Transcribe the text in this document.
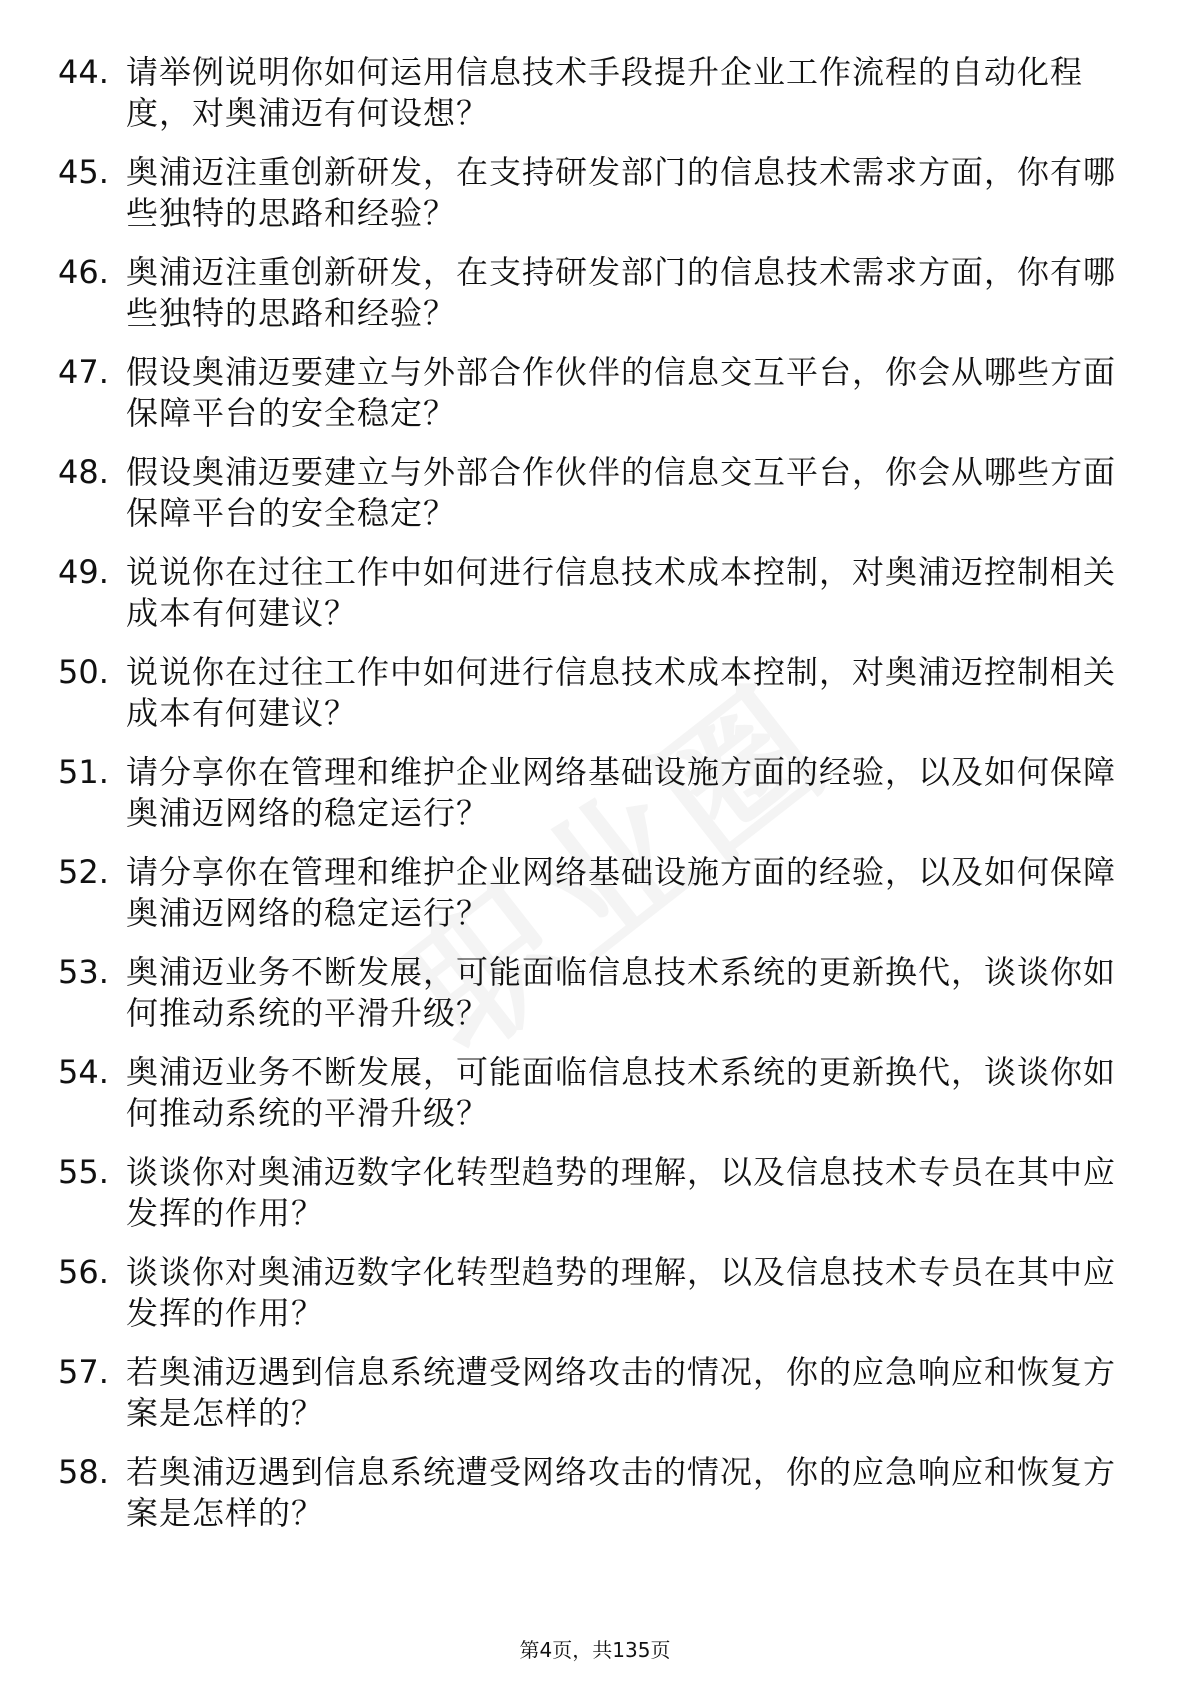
44. 请举例说明你如何运用信息技术手段提升企业工作流程的自动化程度，对奥浦迈有何设想？
45. 奥浦迈注重创新研发，在支持研发部门的信息技术需求方面，你有哪些独特的思路和经验？
46. 奥浦迈注重创新研发，在支持研发部门的信息技术需求方面，你有哪些独特的思路和经验？
47. 假设奥浦迈要建立与外部合作伙伴的信息交互平台，你会从哪些方面保障平台的安全稳定？
48. 假设奥浦迈要建立与外部合作伙伴的信息交互平台，你会从哪些方面保障平台的安全稳定？
49. 说说你在过往工作中如何进行信息技术成本控制，对奥浦迈控制相关成本有何建议？
50. 说说你在过往工作中如何进行信息技术成本控制，对奥浦迈控制相关成本有何建议？
51. 请分享你在管理和维护企业网络基础设施方面的经验，以及如何保障奥浦迈网络的稳定运行？
52. 请分享你在管理和维护企业网络基础设施方面的经验，以及如何保障奥浦迈网络的稳定运行？
53. 奥浦迈业务不断发展，可能面临信息技术系统的更新换代，谈谈你如何推动系统的平滑升级？
54. 奥浦迈业务不断发展，可能面临信息技术系统的更新换代，谈谈你如何推动系统的平滑升级？
55. 谈谈你对奥浦迈数字化转型趋势的理解，以及信息技术专员在其中应发挥的作用？
56. 谈谈你对奥浦迈数字化转型趋势的理解，以及信息技术专员在其中应发挥的作用？
57. 若奥浦迈遇到信息系统遭受网络攻击的情况，你的应急响应和恢复方案是怎样的？
58. 若奥浦迈遇到信息系统遭受网络攻击的情况，你的应急响应和恢复方案是怎样的？
第4页，共135页
